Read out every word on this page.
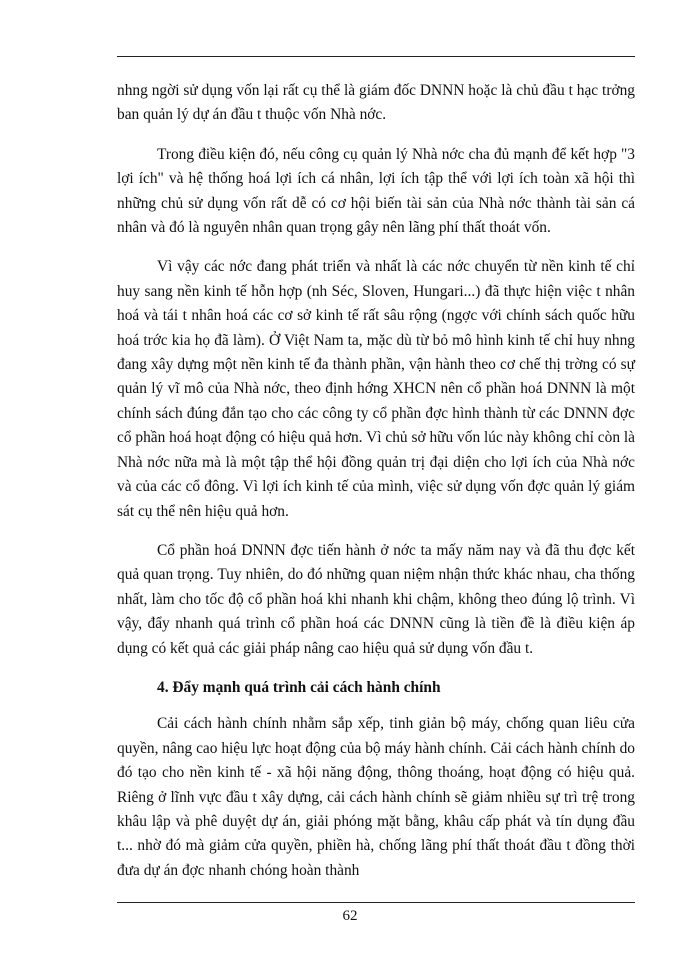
nhng ngời sử dụng vốn lại rất cụ thể là giám đốc DNNN hoặc là chủ đầu t hạc trởng ban quản lý dự án đầu t thuộc vốn Nhà nớc.

Trong điều kiện đó, nếu công cụ quản lý Nhà nớc cha đủ mạnh để kết hợp "3 lợi ích" và hệ thống hoá lợi ích cá nhân, lợi ích tập thể với lợi ích toàn xã hội thì những chủ sử dụng vốn rất dễ có cơ hội biến tài sản của Nhà nớc thành tài sản cá nhân và đó là nguyên nhân quan trọng gây nên lãng phí thất thoát vốn.

Vì vậy các nớc đang phát triển và nhất là các nớc chuyển từ nền kinh tế chỉ huy sang nền kinh tế hỗn hợp (nh Séc, Sloven, Hungari...) đã thực hiện việc t nhân hoá và tái t nhân hoá các cơ sở kinh tế rất sâu rộng (ngợc với chính sách quốc hữu hoá trớc kia họ đã làm). Ở Việt Nam ta, mặc dù từ bỏ mô hình kinh tế chỉ huy nhng đang xây dựng một nền kinh tế đa thành phần, vận hành theo cơ chế thị trờng có sự quản lý vĩ mô của Nhà nớc, theo định hớng XHCN nên cổ phần hoá DNNN là một chính sách đúng đắn tạo cho các công ty cổ phần đợc hình thành từ các DNNN đợc cổ phần hoá hoạt động có hiệu quả hơn. Vì chủ sở hữu vốn lúc này không chỉ còn là Nhà nớc nữa mà là một tập thể hội đồng quản trị đại diện cho lợi ích của Nhà nớc và của các cổ đông. Vì lợi ích kinh tế của mình, việc sử dụng vốn đợc quản lý giám sát cụ thể nên hiệu quả hơn.

Cổ phần hoá DNNN đợc tiến hành ở nớc ta mấy năm nay và đã thu đợc kết quả quan trọng. Tuy nhiên, do đó những quan niệm nhận thức khác nhau, cha thống nhất, làm cho tốc độ cổ phần hoá khi nhanh khi chậm, không theo đúng lộ trình. Vì vậy, đẩy nhanh quá trình cổ phần hoá các DNNN cũng là tiền đề là điều kiện áp dụng có kết quả các giải pháp nâng cao hiệu quả sử dụng vốn đầu t.

4. Đẩy mạnh quá trình cải cách hành chính

Cải cách hành chính nhằm sắp xếp, tinh giản bộ máy, chống quan liêu cửa quyền, nâng cao hiệu lực hoạt động của bộ máy hành chính. Cải cách hành chính do đó tạo cho nền kinh tế - xã hội năng động, thông thoáng, hoạt động có hiệu quả. Riêng ở lĩnh vực đầu t xây dựng, cải cách hành chính sẽ giảm nhiều sự trì trệ trong khâu lập và phê duyệt dự án, giải phóng mặt bằng, khâu cấp phát và tín dụng đầu t... nhờ đó mà giảm cửa quyền, phiền hà, chống lãng phí thất thoát đầu t đồng thời đưa dự án đợc nhanh chóng hoàn thành

62
